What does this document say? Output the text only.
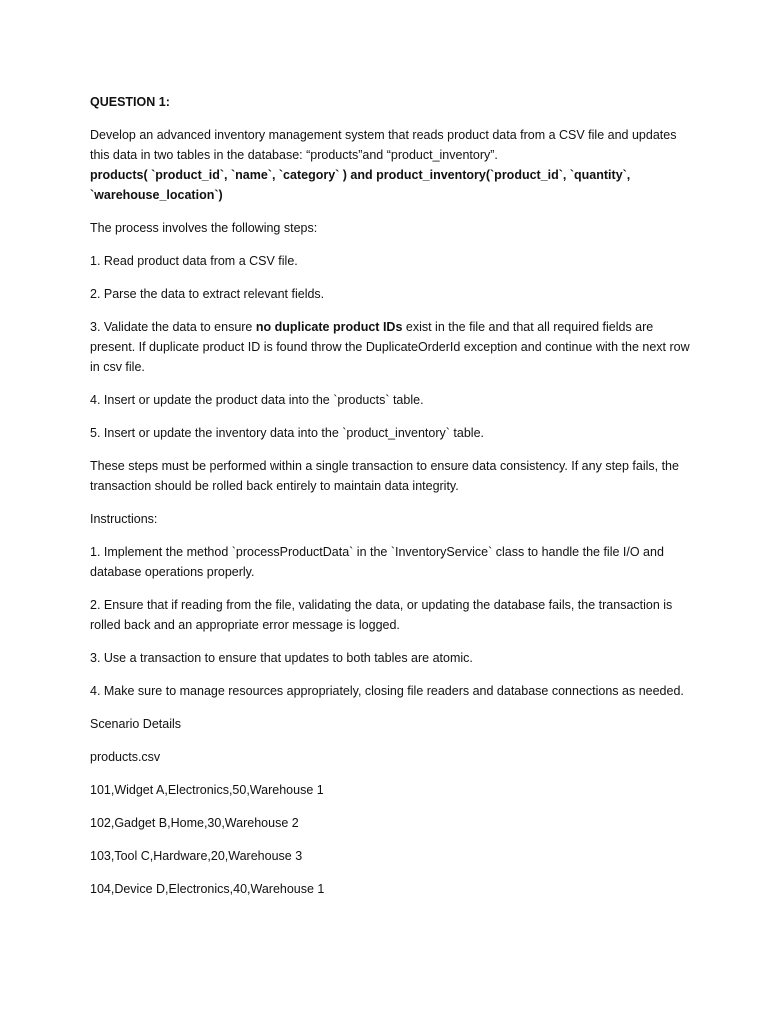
QUESTION 1:

Develop an advanced inventory management system that reads product data from a CSV file and updates this data in two tables in the database: “products”and “product_inventory”.
products( `product_id`, `name`, `category` ) and product_inventory(`product_id`, `quantity`, `warehouse_location`)

The process involves the following steps:

1. Read product data from a CSV file.

2. Parse the data to extract relevant fields.

3. Validate the data to ensure no duplicate product IDs exist in the file and that all required fields are present. If duplicate product ID is found throw the DuplicateOrderId exception and continue with the next row in csv file.

4. Insert or update the product data into the `products` table.

5. Insert or update the inventory data into the `product_inventory` table.

These steps must be performed within a single transaction to ensure data consistency. If any step fails, the transaction should be rolled back entirely to maintain data integrity.

Instructions:

1. Implement the method `processProductData` in the `InventoryService` class to handle the file I/O and database operations properly.

2. Ensure that if reading from the file, validating the data, or updating the database fails, the transaction is rolled back and an appropriate error message is logged.

3. Use a transaction to ensure that updates to both tables are atomic.

4. Make sure to manage resources appropriately, closing file readers and database connections as needed.

Scenario Details

products.csv

101,Widget A,Electronics,50,Warehouse 1

102,Gadget B,Home,30,Warehouse 2

103,Tool C,Hardware,20,Warehouse 3

104,Device D,Electronics,40,Warehouse 1
